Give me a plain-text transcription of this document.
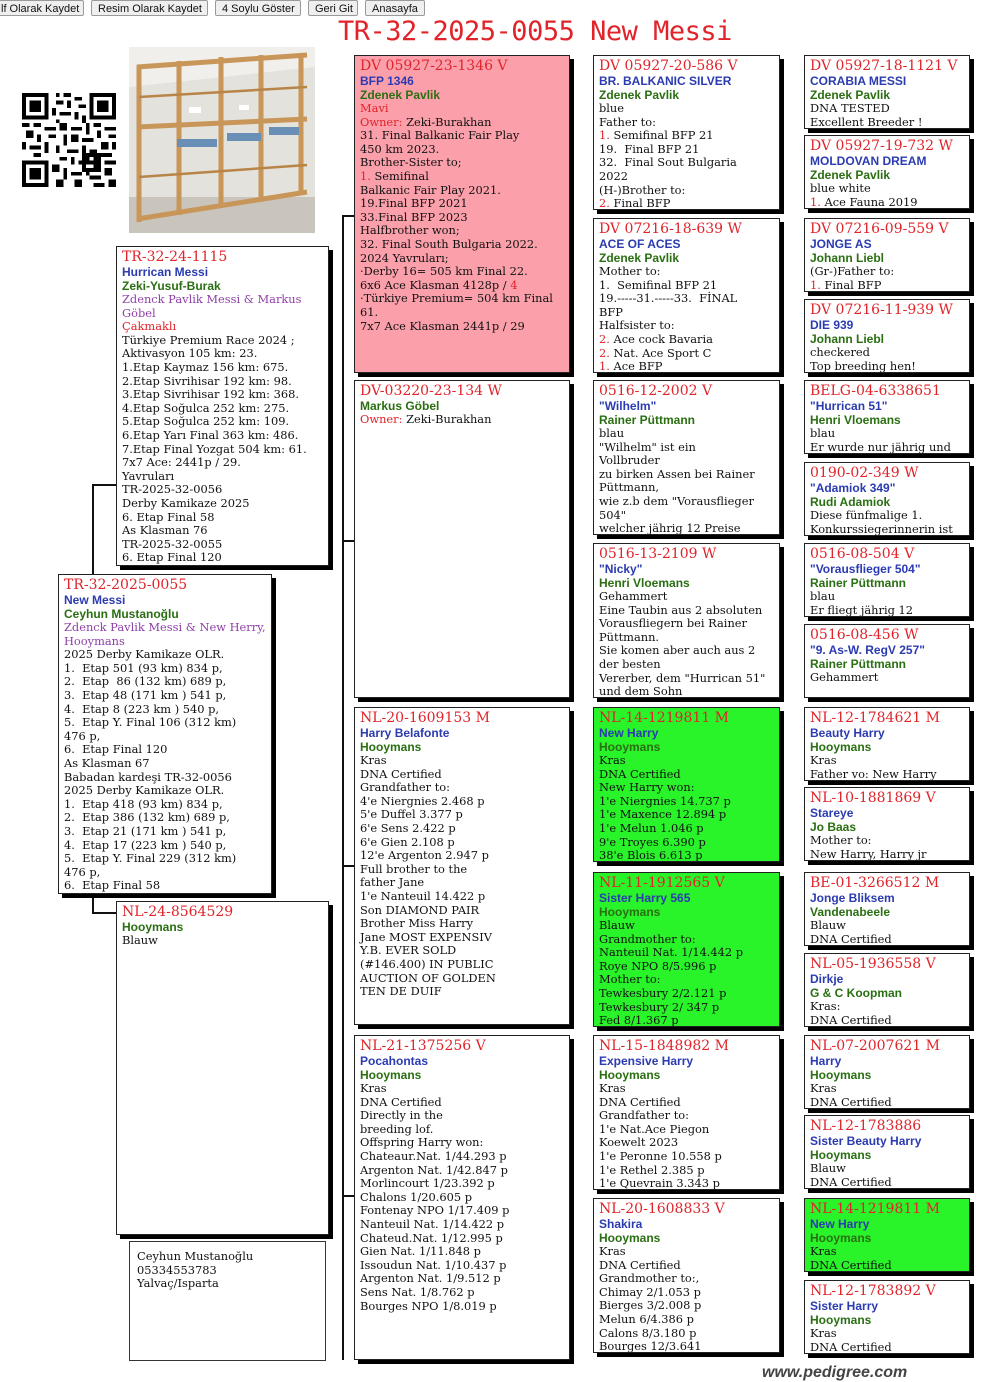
lf Olarak Kaydet	Resim Olarak Kaydet	4 Soylu Göster	Geri Git	Anasayfa
TR-32-2025-0055 New Messi
TR-32-2025-0055
New Messi
Ceyhun Mustanoğlu
Zdenck Pavlik Messi & New Herry, Hooymans
2025 Derby Kamikaze OLR.
1.  Etap 501 (93 km) 834 p,
2.  Etap  86 (132 km) 689 p,
3.  Etap 48 (171 km ) 541 p,
4.  Etap 8 (223 km ) 540 p,
5.  Etap Y. Final 106 (312 km)
476 p,
6.  Etap Final 120
As Klasman 67
Babadan kardeşi TR-32-0056
2025 Derby Kamikaze OLR.
1.  Etap 418 (93 km) 834 p,
2.  Etap 386 (132 km) 689 p,
3.  Etap 21 (171 km ) 541 p,
4.  Etap 17 (223 km ) 540 p,
5.  Etap Y. Final 229 (312 km)
476 p,
6.  Etap Final 58
TR-32-24-1115
Hurrican Messi
Zeki-Yusuf-Burak
Zdenck Pavlik Messi & Markus Göbel
Çakmaklı
Türkiye Premium Race 2024 ;
Aktivasyon 105 km: 23.
1.Etap Kaymaz 156 km: 675.
2.Etap Sivrihisar 192 km: 98.
3.Etap Sivrihisar 192 km: 368.
4.Etap Soğulca 252 km: 275.
5.Etap Soğulca 252 km: 109.
6.Etap Yarı Final 363 km: 486.
7.Etap Final Yozgat 504 km: 61.
7x7 Ace: 2441p / 29.
Yavruları
TR-2025-32-0056
Derby Kamikaze 2025
6. Etap Final 58
As Klasman 76
TR-2025-32-0055
6. Etap Final 120
NL-24-8564529
Hooymans
Blauw
Ceyhun Mustanoğlu
05334553783
Yalvaç/Isparta
DV 05927-23-1346 V
BFP 1346
Zdenek Pavlik
Mavi
Owner: Zeki-Burakhan
31. Final Balkanic Fair Play
450 km 2023.
Brother-Sister to;
1. Semifinal
Balkanic Fair Play 2021.
19.Final BFP 2021
33.Final BFP 2023
Halfbrother won;
32. Final South Bulgaria 2022.
2024 Yavruları;
·Derby 16= 505 km Final 22.
6x6 Ace Klasman 4128p / 4
·Türkiye Premium= 504 km Final
61.
7x7 Ace Klasman 2441p / 29
DV-03220-23-134 W
Markus Göbel
Owner: Zeki-Burakhan
NL-20-1609153 M
Harry Belafonte
Hooymans
Kras
DNA Certified
Grandfather to:
4'e Niergnies 2.468 p
5'e Duffel 3.377 p
6'e Sens 2.422 p
6'e Gien 2.108 p
12'e Argenton 2.947 p
Full brother to the
father Jane
1'e Nanteuil 14.422 p
Son DIAMOND PAIR
Brother Miss Harry
Jane MOST EXPENSIV
Y.B. EVER SOLD
(#146.400) IN PUBLIC
AUCTION OF GOLDEN
TEN DE DUIF
NL-21-1375256 V
Pocahontas
Hooymans
Kras
DNA Certified
Directly in the
breeding lof.
Offspring Harry won:
Chateaur.Nat. 1/44.293 p
Argenton Nat. 1/42.847 p
Morlincourt 1/23.392 p
Chalons 1/20.605 p
Fontenay NPO 1/17.409 p
Nanteuil Nat. 1/14.422 p
Chateud.Nat. 1/12.995 p
Gien Nat. 1/11.848 p
Issoudun Nat. 1/10.437 p
Argenton Nat. 1/9.512 p
Sens Nat. 1/8.762 p
Bourges NPO 1/8.019 p
DV 05927-20-586 V
BR. BALKANIC SILVER
Zdenek Pavlik
blue
Father to:
1. Semifinal BFP 21
19.  Final BFP 21
32.  Final Sout Bulgaria
2022
(H-)Brother to:
2. Final BFP
DV 07216-18-639 W
ACE OF ACES
Zdenek Pavlik
Mother to:
1.  Semifinal BFP 21
19.-----31.-----33.  FİNAL
BFP
Halfsister to:
2. Ace cock Bavaria
2. Nat. Ace Sport C
1. Ace BFP
0516-12-2002 V
"Wilhelm"
Rainer Püttmann
blau
"Wilhelm" ist ein
Vollbruder
zu birken Assen bei Rainer
Püttmann,
wie z.b dem "Vorausflieger
504"
welcher jährig 12 Preise
0516-13-2109 W
"Nicky"
Henri Vloemans
Gehammert
Eine Taubin aus 2 absoluten
Vorausfliegern bei Rainer
Püttmann.
Sie komen aber auch aus 2
der besten
Vererber, dem "Hurrican 51"
und dem Sohn
NL-14-1219811 M
New Harry
Hooymans
Kras
DNA Certified
New Harry won:
1'e Niergnies 14.737 p
1'e Maxence 12.894 p
1'e Melun 1.046 p
9'e Troyes 6.390 p
38'e Blois 6.613 p
NL-11-1912565 V
Sister Harry 565
Hooymans
Blauw
Grandmother to:
Nanteuil Nat. 1/14.442 p
Roye NPO 8/5.996 p
Mother to:
Tewkesbury 2/2.121 p
Tewkesbury 2/ 347 p
Fed 8/1.367 p
NL-15-1848982 M
Expensive Harry
Hooymans
Kras
DNA Certified
Grandfather to:
1'e Nat.Ace Piegon
Koewelt 2023
1'e Peronne 10.558 p
1'e Rethel 2.385 p
1'e Quevrain 3.343 p
NL-20-1608833 V
Shakira
Hooymans
Kras
DNA Certified
Grandmother to:,
Chimay 2/1.053 p
Bierges 3/2.008 p
Melun 6/4.386 p
Calons 8/3.180 p
Bourges 12/3.641
DV 05927-18-1121 V
CORABIA MESSI
Zdenek Pavlik
DNA TESTED
Excellent Breeder !
DV 05927-19-732 W
MOLDOVAN DREAM
Zdenek Pavlik
blue white
1. Ace Fauna 2019
DV 07216-09-559 V
JONGE AS
Johann Liebl
(Gr-)Father to:
1. Final BFP
DV 07216-11-939 W
DIE 939
Johann Liebl
checkered
Top breeding hen!
BELG-04-6338651
"Hurrican 51"
Henri Vloemans
blau
Er wurde nur jährig und
0190-02-349 W
"Adamiok 349"
Rudi Adamiok
Diese fünfmalige 1.
Konkurssiegerinnerin ist
0516-08-504 V
"Vorausflieger 504"
Rainer Püttmann
blau
Er fliegt jährig 12
0516-08-456 W
"9. As-W. RegV 257"
Rainer Püttmann
Gehammert
NL-12-1784621 M
Beauty Harry
Hooymans
Kras
Father vo: New Harry
NL-10-1881869 V
Stareye
Jo Baas
Mother to:
New Harry, Harry jr
BE-01-3266512 M
Jonge Bliksem
Vandenabeele
Blauw
DNA Certified
NL-05-1936558 V
Dirkje
G & C Koopman
Kras:
DNA Certified
NL-07-2007621 M
Harry
Hooymans
Kras
DNA Certified
NL-12-1783886
Sister Beauty Harry
Hooymans
Blauw
DNA Certified
NL-14-1219811 M
New Harry
Hooymans
Kras
DNA Certified
NL-12-1783892 V
Sister Harry
Hooymans
Kras
DNA Certified
www.pedigree.com
